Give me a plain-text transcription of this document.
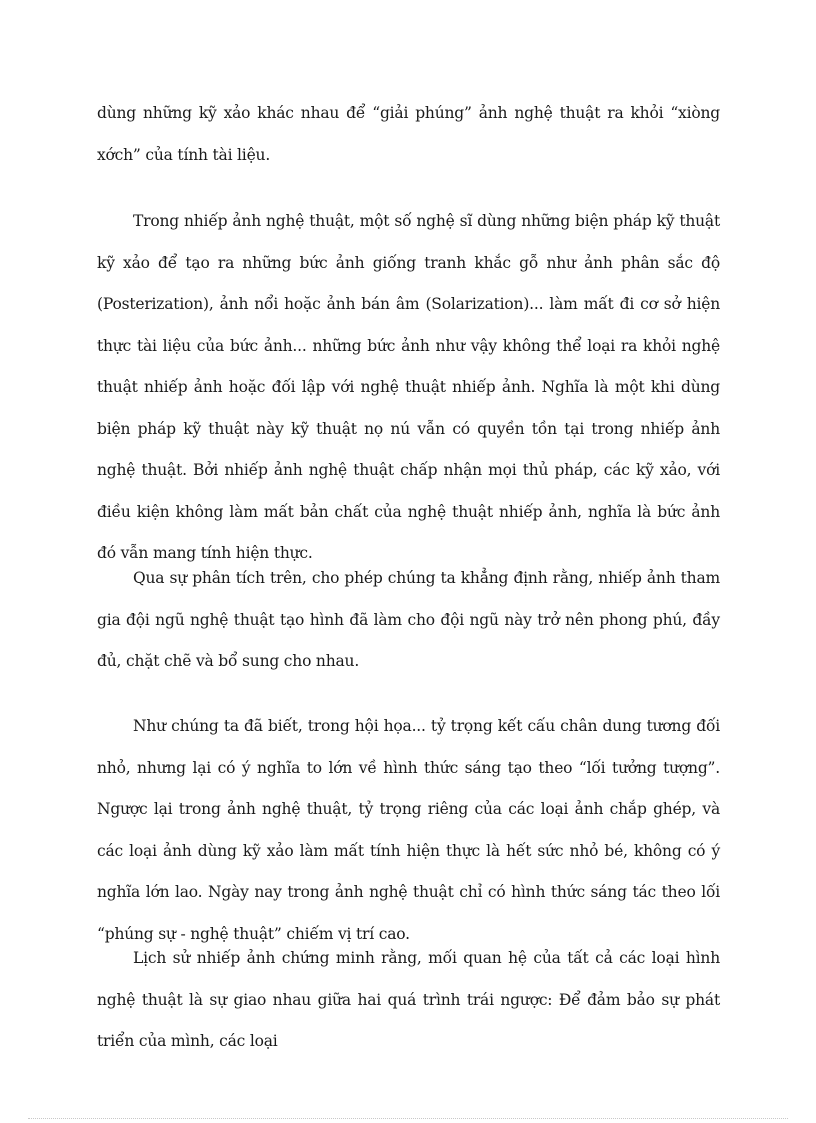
dùng những kỹ xảo khác nhau để “giải phúng” ảnh nghệ thuật ra khỏi “xiòng xớch” của tính tài liệu.

Trong nhiếp ảnh nghệ thuật, một số nghệ sĩ dùng những biện pháp kỹ thuật kỹ xảo để tạo ra những bức ảnh giống tranh khắc gỗ như ảnh phân sắc độ (Posterization), ảnh nổi hoặc ảnh bán âm (Solarization)... làm mất đi cơ sở hiện thực tài liệu của bức ảnh... những bức ảnh như vậy không thể loại ra khỏi nghệ thuật nhiếp ảnh hoặc đối lập với nghệ thuật nhiếp ảnh. Nghĩa là một khi dùng biện pháp kỹ thuật này kỹ thuật nọ nú vẫn có quyền tồn tại trong nhiếp ảnh nghệ thuật. Bởi nhiếp ảnh nghệ thuật chấp nhận mọi thủ pháp, các kỹ xảo, với điều kiện không làm mất bản chất của nghệ thuật nhiếp ảnh, nghĩa là bức ảnh đó vẫn mang tính hiện thực.

Qua sự phân tích trên, cho phép chúng ta khẳng định rằng, nhiếp ảnh tham gia đội ngũ nghệ thuật tạo hình đã làm cho đội ngũ này trở nên phong phú, đầy đủ, chặt chẽ và bổ sung cho nhau.

Như chúng ta đã biết, trong hội họa... tỷ trọng kết cấu chân dung tương đối nhỏ, nhưng lại có ý nghĩa to lớn về hình thức sáng tạo theo “lối tưởng tượng”. Ngược lại trong ảnh nghệ thuật, tỷ trọng riêng của các loại ảnh chắp ghép, và các loại ảnh dùng kỹ xảo làm mất tính hiện thực là hết sức nhỏ bé, không có ý nghĩa lớn lao. Ngày nay trong ảnh nghệ thuật chỉ có hình thức sáng tác theo lối “phúng sự - nghệ thuật” chiếm vị trí cao.

Lịch sử nhiếp ảnh chứng minh rằng, mối quan hệ của tất cả các loại hình nghệ thuật là sự giao nhau giữa hai quá trình trái ngược: Để đảm bảo sự phát triển của mình, các loại
